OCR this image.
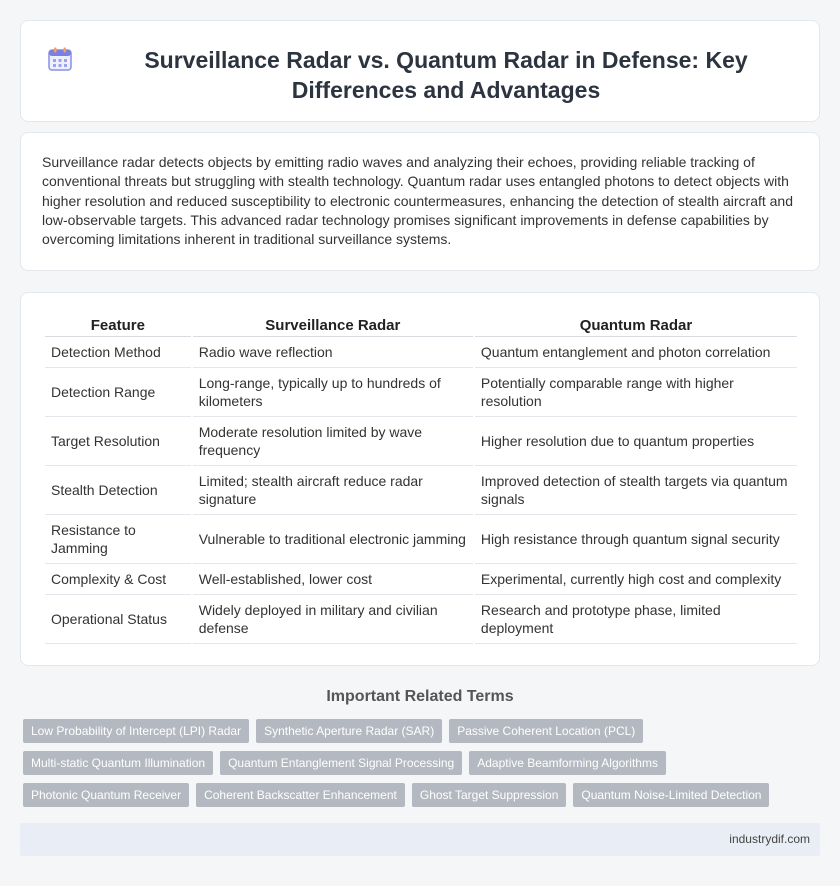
Surveillance Radar vs. Quantum Radar in Defense: Key Differences and Advantages

Surveillance radar detects objects by emitting radio waves and analyzing their echoes, providing reliable tracking of conventional threats but struggling with stealth technology. Quantum radar uses entangled photons to detect objects with higher resolution and reduced susceptibility to electronic countermeasures, enhancing the detection of stealth aircraft and low-observable targets. This advanced radar technology promises significant improvements in defense capabilities by overcoming limitations inherent in traditional surveillance systems.

Feature	Surveillance Radar	Quantum Radar
Detection Method	Radio wave reflection	Quantum entanglement and photon correlation
Detection Range	Long-range, typically up to hundreds of kilometers	Potentially comparable range with higher resolution
Target Resolution	Moderate resolution limited by wave frequency	Higher resolution due to quantum properties
Stealth Detection	Limited; stealth aircraft reduce radar signature	Improved detection of stealth targets via quantum signals
Resistance to Jamming	Vulnerable to traditional electronic jamming	High resistance through quantum signal security
Complexity & Cost	Well-established, lower cost	Experimental, currently high cost and complexity
Operational Status	Widely deployed in military and civilian defense	Research and prototype phase, limited deployment
Important Related Terms
Low Probability of Intercept (LPI) Radar	Synthetic Aperture Radar (SAR)	Passive Coherent Location (PCL)
Multi-static Quantum Illumination	Quantum Entanglement Signal Processing	Adaptive Beamforming Algorithms
Photonic Quantum Receiver	Coherent Backscatter Enhancement	Ghost Target Suppression	Quantum Noise-Limited Detection
industrydif.com
